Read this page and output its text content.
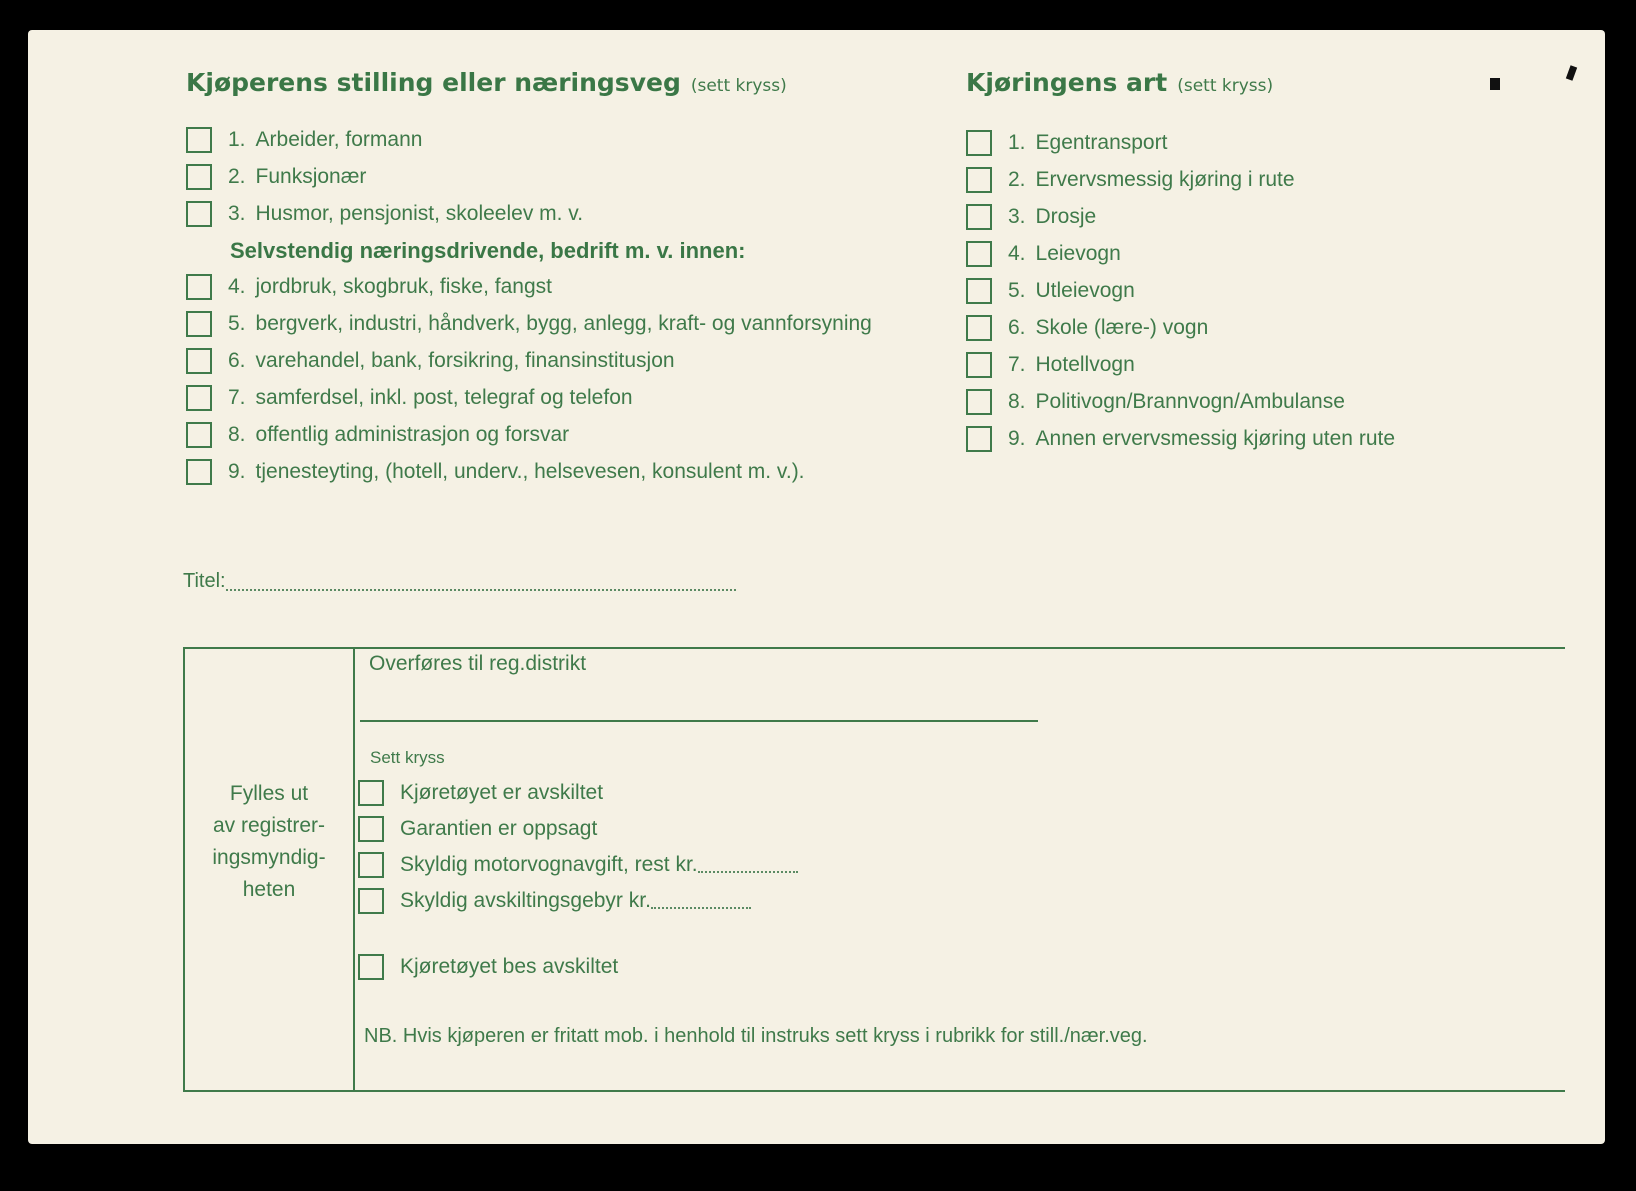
Kjøperens stilling eller næringsveg (sett kryss)
1. Arbeider, formann
2. Funksjonær
3. Husmor, pensjonist, skoleelev m. v.
Selvstendig næringsdrivende, bedrift m. v. innen:
4. jordbruk, skogbruk, fiske, fangst
5. bergverk, industri, håndverk, bygg, anlegg, kraft- og vannforsyning
6. varehandel, bank, forsikring, finansinstitusjon
7. samferdsel, inkl. post, telegraf og telefon
8. offentlig administrasjon og forsvar
9. tjenesteyting, (hotell, underv., helsevesen, konsulent m. v.).
Kjøringens art (sett kryss)
1. Egentransport
2. Ervervsmessig kjøring i rute
3. Drosje
4. Leievogn
5. Utleievogn
6. Skole (lære-) vogn
7. Hotellvogn
8. Politivogn/Brannvogn/Ambulanse
9. Annen ervervsmessig kjøring uten rute
Titel:
Fylles ut
av registrer-
ingsmyndig-
heten
Overføres til reg.distrikt
Sett kryss
Kjøretøyet er avskiltet
Garantien er oppsagt
Skyldig motorvognavgift, rest kr.
Skyldig avskiltingsgebyr kr.
Kjøretøyet bes avskiltet
NB. Hvis kjøperen er fritatt mob. i henhold til instruks sett kryss i rubrikk for still./nær.veg.
